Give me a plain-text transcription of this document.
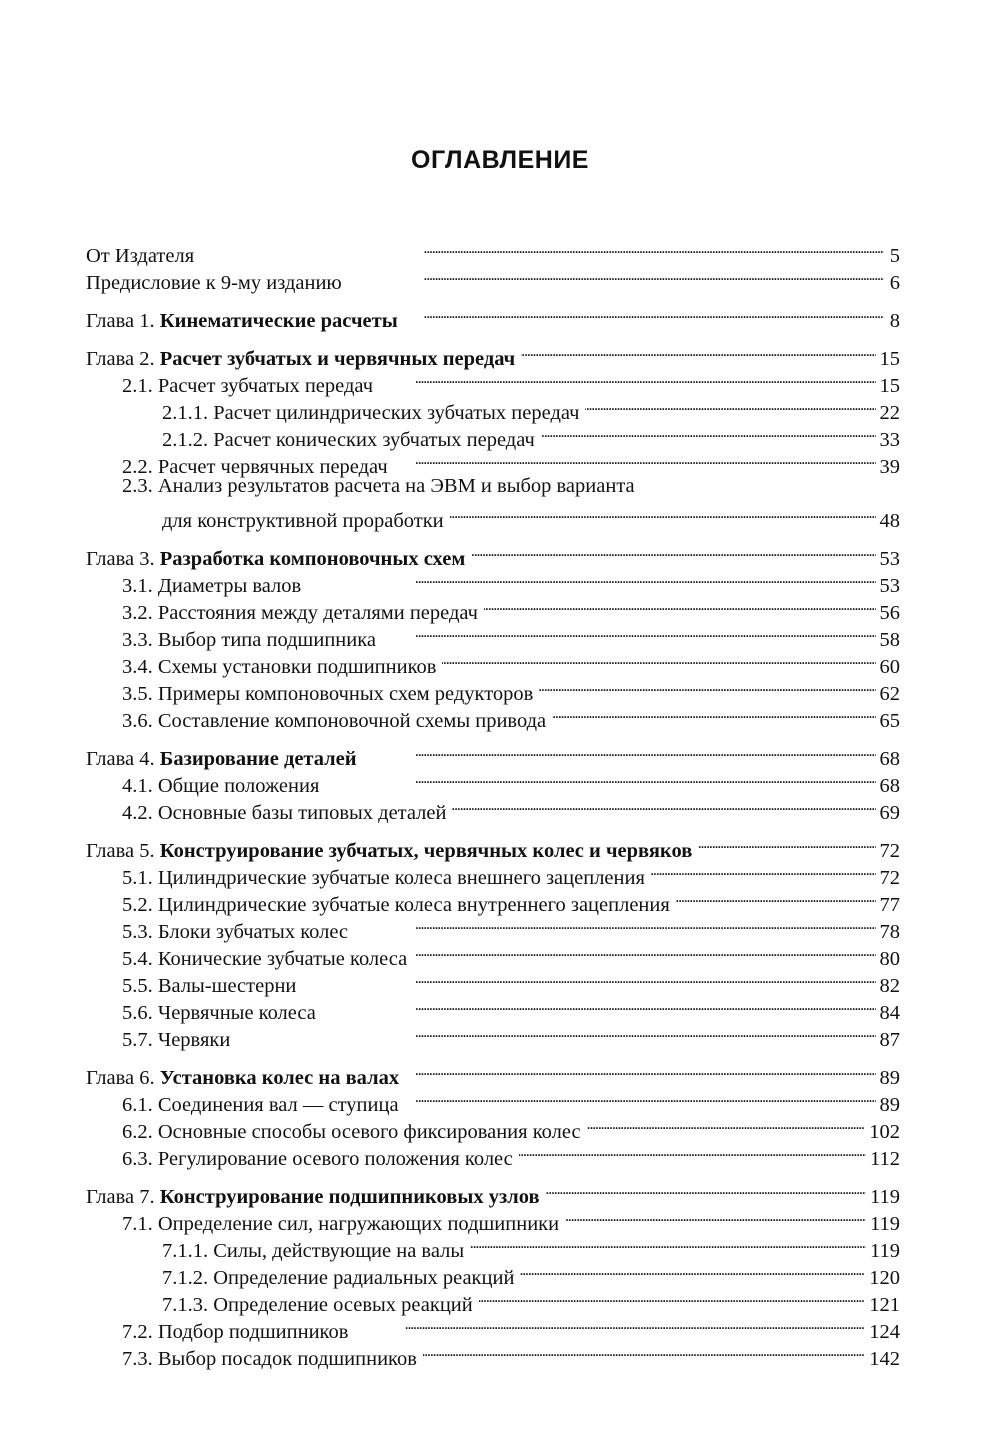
ОГЛАВЛЕНИЕ
От Издателя . . .	5
Предисловие к 9-му изданию . . .	6
Глава 1. Кинематические расчеты . . .	8
Глава 2. Расчет зубчатых и червячных передач . . .	15
2.1. Расчет зубчатых передач . . .	15
2.1.1. Расчет цилиндрических зубчатых передач . . .	22
2.1.2. Расчет конических зубчатых передач . . .	33
2.2. Расчет червячных передач . . .	39
2.3. Анализ результатов расчета на ЭВМ и выбор варианта
для конструктивной проработки . . .	48
Глава 3. Разработка компоновочных схем . . .	53
3.1. Диаметры валов . . .	53
3.2. Расстояния между деталями передач . . .	56
3.3. Выбор типа подшипника . . .	58
3.4. Схемы установки подшипников . . .	60
3.5. Примеры компоновочных схем редукторов . . .	62
3.6. Составление компоновочной схемы привода . . .	65
Глава 4. Базирование деталей . . .	68
4.1. Общие положения . . .	68
4.2. Основные базы типовых деталей . . .	69
Глава 5. Конструирование зубчатых, червячных колес и червяков . . .	72
5.1. Цилиндрические зубчатые колеса внешнего зацепления . . .	72
5.2. Цилиндрические зубчатые колеса внутреннего зацепления . . .	77
5.3. Блоки зубчатых колес . . .	78
5.4. Конические зубчатые колеса . . .	80
5.5. Валы-шестерни . . .	82
5.6. Червячные колеса . . .	84
5.7. Червяки . . .	87
Глава 6. Установка колес на валах . . .	89
6.1. Соединения вал — ступица . . .	89
6.2. Основные способы осевого фиксирования колес . . .	102
6.3. Регулирование осевого положения колес . . .	112
Глава 7. Конструирование подшипниковых узлов . . .	119
7.1. Определение сил, нагружающих подшипники . . .	119
7.1.1. Силы, действующие на валы . . .	119
7.1.2. Определение радиальных реакций . . .	120
7.1.3. Определение осевых реакций . . .	121
7.2. Подбор подшипников . . .	124
7.3. Выбор посадок подшипников . . .	142
